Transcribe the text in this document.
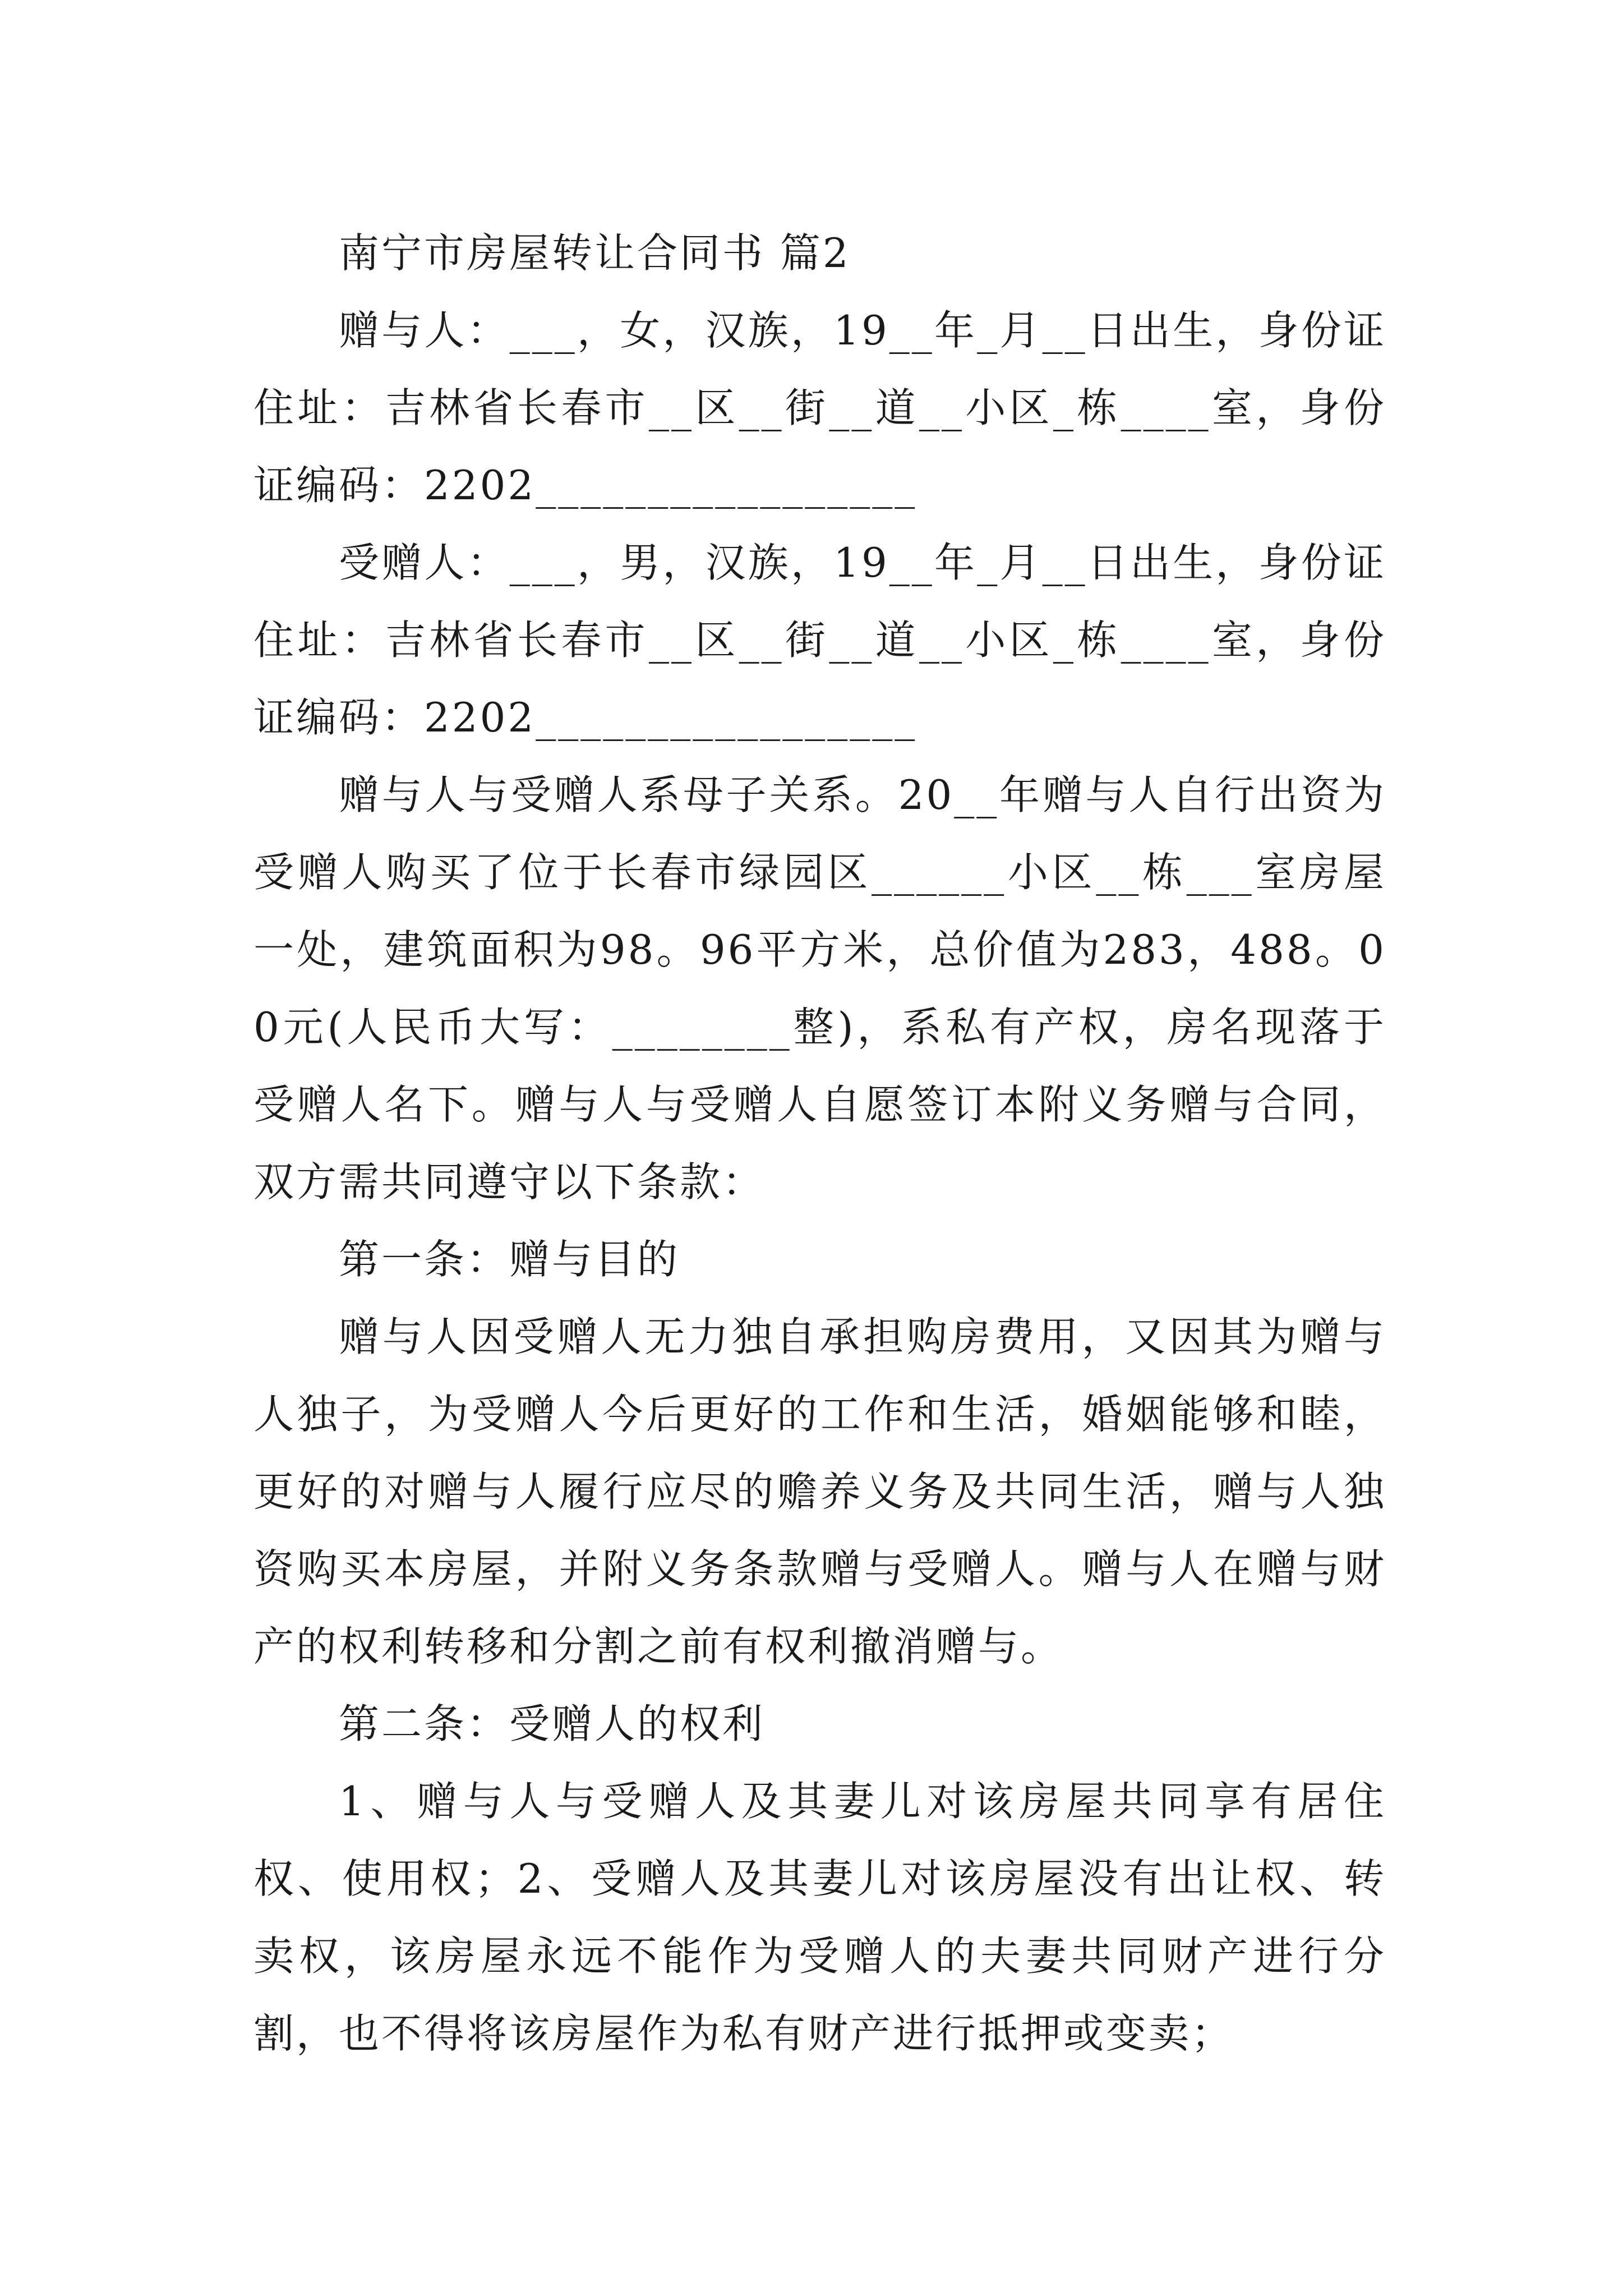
南宁市房屋转让合同书 篇2

赠与人：___，女，汉族，19__年_月__日出生，身份证住址：吉林省长春市__区__街__道__小区_栋____室，身份证编码：2202_________________

受赠人：___，男，汉族，19__年_月__日出生，身份证住址：吉林省长春市__区__街__道__小区_栋____室，身份证编码：2202_________________

赠与人与受赠人系母子关系。20__年赠与人自行出资为受赠人购买了位于长春市绿园区______小区__栋___室房屋一处，建筑面积为98。96平方米，总价值为283，488。00元(人民币大写：________整)，系私有产权，房名现落于受赠人名下。赠与人与受赠人自愿签订本附义务赠与合同，双方需共同遵守以下条款：

第一条：赠与目的

赠与人因受赠人无力独自承担购房费用，又因其为赠与人独子，为受赠人今后更好的工作和生活，婚姻能够和睦，更好的对赠与人履行应尽的赡养义务及共同生活，赠与人独资购买本房屋，并附义务条款赠与受赠人。赠与人在赠与财产的权利转移和分割之前有权利撤消赠与。

第二条：受赠人的权利

1、赠与人与受赠人及其妻儿对该房屋共同享有居住权、使用权；2、受赠人及其妻儿对该房屋没有出让权、转卖权，该房屋永远不能作为受赠人的夫妻共同财产进行分割，也不得将该房屋作为私有财产进行抵押或变卖；
